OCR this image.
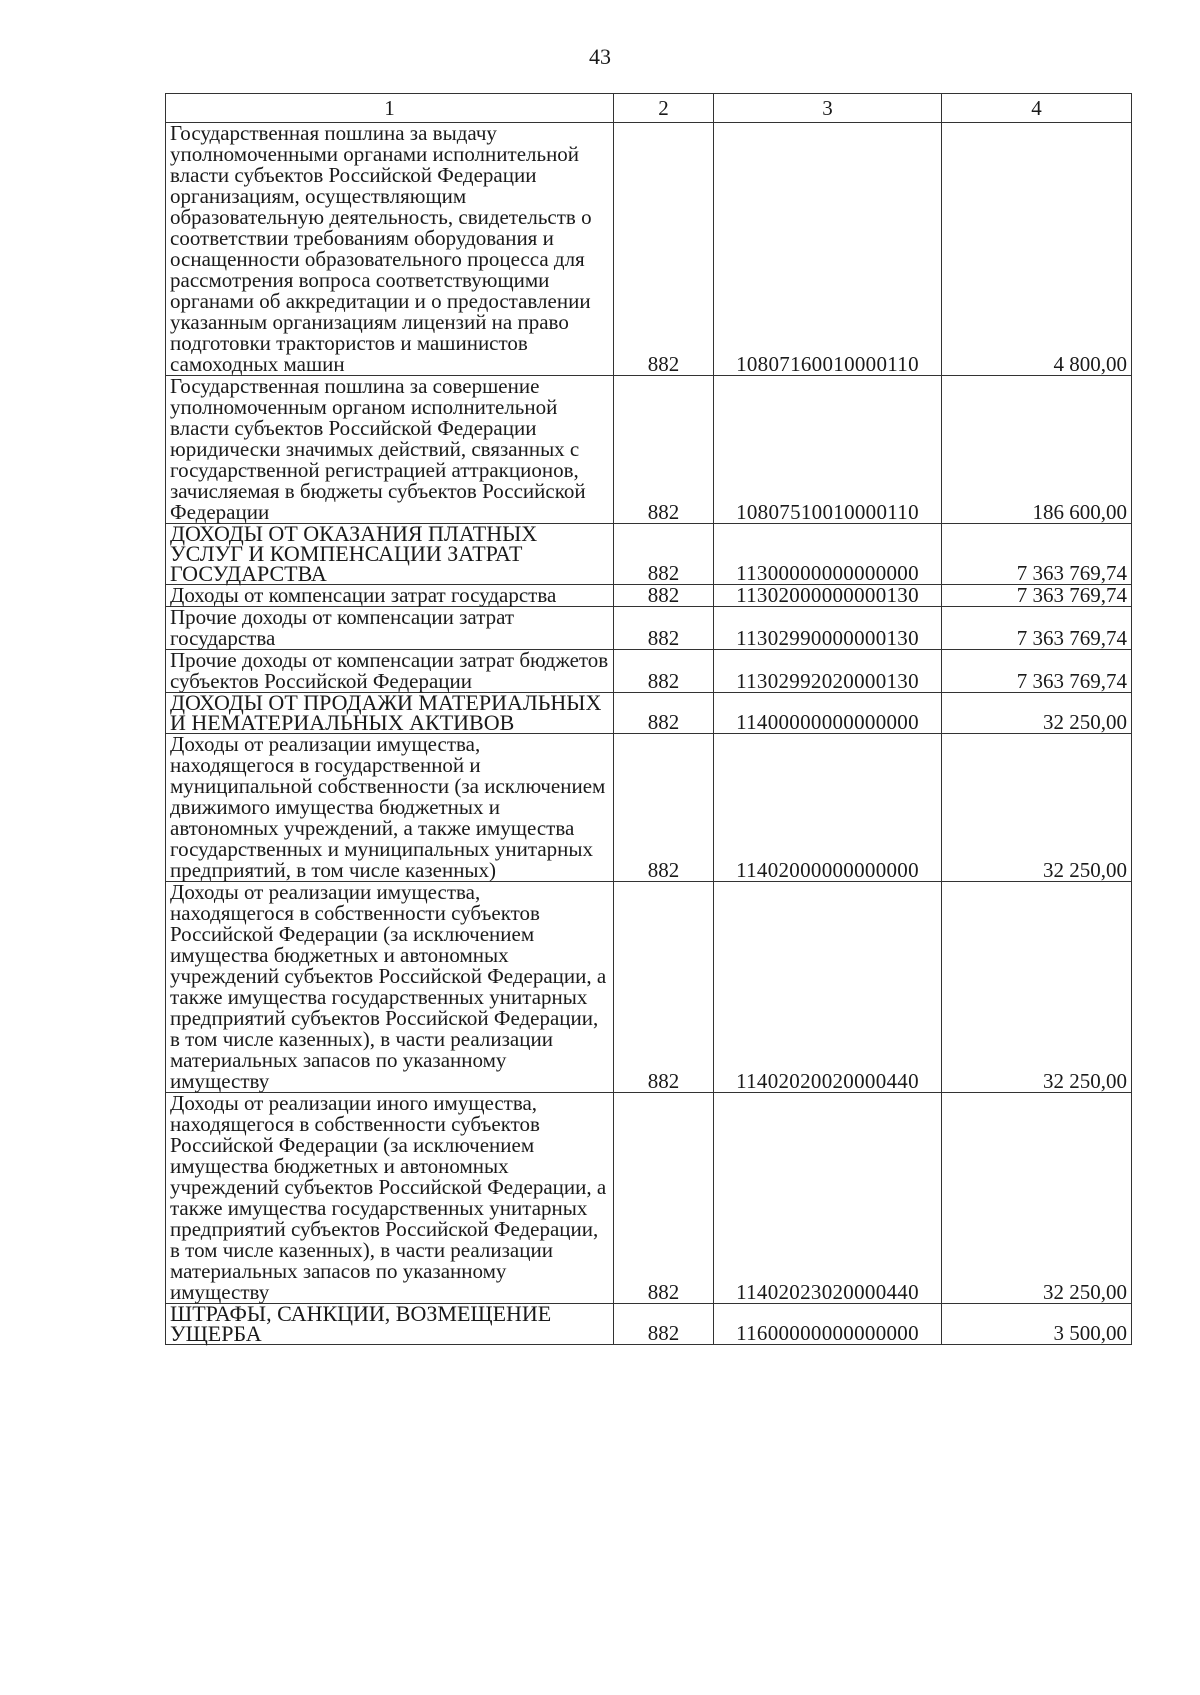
43
1	2	3	4
Государственная пошлина за выдачу уполномоченными органами исполнительной власти субъектов Российской Федерации организациям, осуществляющим образовательную деятельность, свидетельств о соответствии требованиям оборудования и оснащенности образовательного процесса для рассмотрения вопроса соответствующими органами об аккредитации и о предоставлении указанным организациям лицензий на право подготовки трактористов и машинистов самоходных машин	882	10807160010000110	4 800,00
Государственная пошлина за совершение уполномоченным органом исполнительной власти субъектов Российской Федерации юридически значимых действий, связанных с государственной регистрацией аттракционов, зачисляемая в бюджеты субъектов Российской Федерации	882	10807510010000110	186 600,00
ДОХОДЫ ОТ ОКАЗАНИЯ ПЛАТНЫХ УСЛУГ И КОМПЕНСАЦИИ ЗАТРАТ ГОСУДАРСТВА	882	11300000000000000	7 363 769,74
Доходы от компенсации затрат государства	882	11302000000000130	7 363 769,74
Прочие доходы от компенсации затрат государства	882	11302990000000130	7 363 769,74
Прочие доходы от компенсации затрат бюджетов субъектов Российской Федерации	882	11302992020000130	7 363 769,74
ДОХОДЫ ОТ ПРОДАЖИ МАТЕРИАЛЬНЫХ И НЕМАТЕРИАЛЬНЫХ АКТИВОВ	882	11400000000000000	32 250,00
Доходы от реализации имущества, находящегося в государственной и муниципальной собственности (за исключением движимого имущества бюджетных и автономных учреждений, а также имущества государственных и муниципальных унитарных предприятий, в том числе казенных)	882	11402000000000000	32 250,00
Доходы от реализации имущества, находящегося в собственности субъектов Российской Федерации (за исключением имущества бюджетных и автономных учреждений субъектов Российской Федерации, а также имущества государственных унитарных предприятий субъектов Российской Федерации, в том числе казенных), в части реализации материальных запасов по указанному имуществу	882	11402020020000440	32 250,00
Доходы от реализации иного имущества, находящегося в собственности субъектов Российской Федерации (за исключением имущества бюджетных и автономных учреждений субъектов Российской Федерации, а также имущества государственных унитарных предприятий субъектов Российской Федерации, в том числе казенных), в части реализации материальных запасов по указанному имуществу	882	11402023020000440	32 250,00
ШТРАФЫ, САНКЦИИ, ВОЗМЕЩЕНИЕ УЩЕРБА	882	11600000000000000	3 500,00
